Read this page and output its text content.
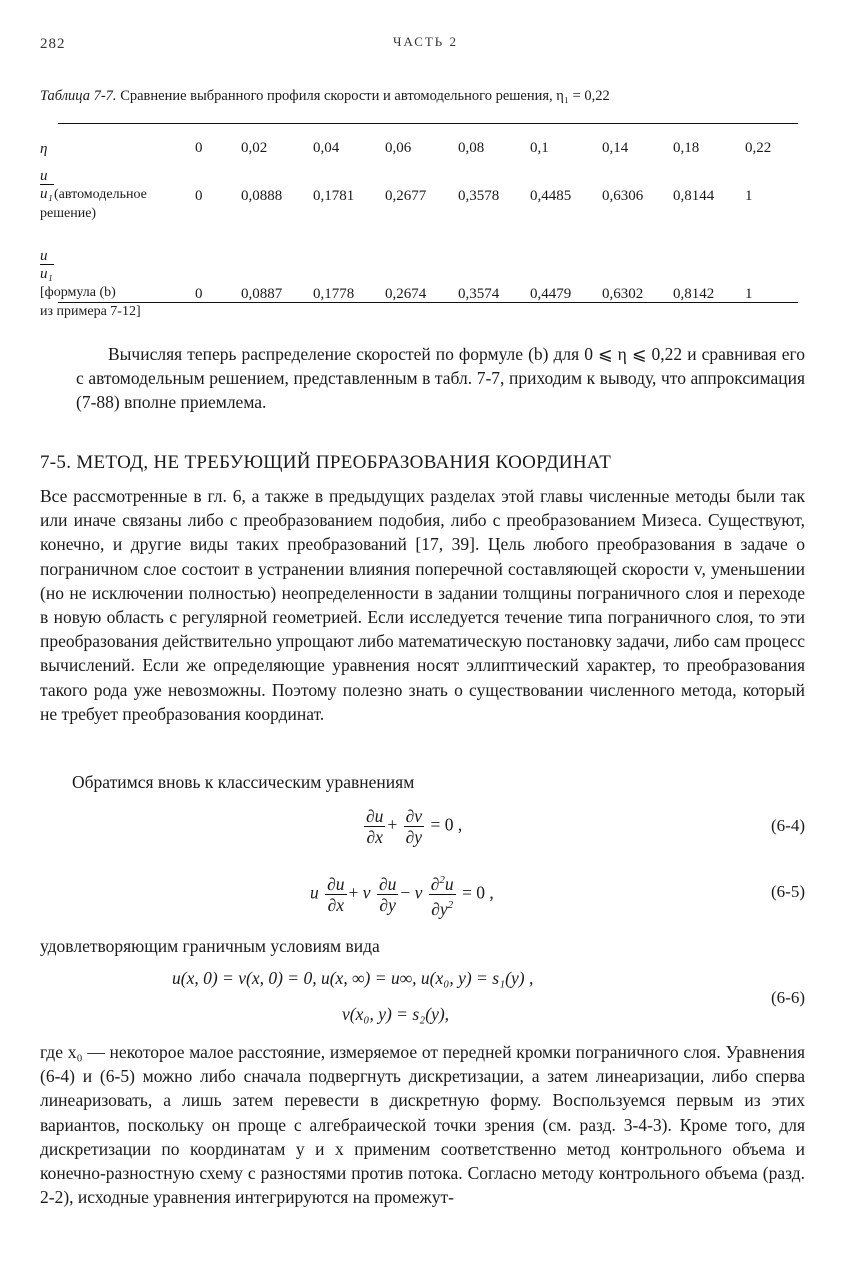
282	ЧАСТЬ 2
Таблица 7-7. Сравнение выбранного профиля скорости и автомодельного решения, η₁ = 0,22
η	0	0,02	0,04	0,06	0,08	0,1	0,14	0,18	0,22

$\frac{u}{\text{u₁}}(автомодельное$
решение)	0	0,0888	0,1781	0,2677	0,3578	0,4485	0,6306	0,8144	1

$\frac{u}{\text{u₁}}$
[формула (b)
из примера 7-12]	0	0,0887	0,1778	0,2674	0,3574	0,4479	0,6302	0,8142	1
Вычисляя теперь распределение скоростей по формуле (b) для 0 ⩽ η ⩽ 0,22 и сравнивая его с автомодельным решением, представленным в табл. 7-7, приходим к выводу, что аппроксимация (7-88) вполне приемлема.
7-5. МЕТОД, НЕ ТРЕБУЮЩИЙ ПРЕОБРАЗОВАНИЯ КООРДИНАТ
Все рассмотренные в гл. 6, а также в предыдущих разделах этой главы численные методы были так или иначе связаны либо с преобразованием подобия, либо с преобразованием Мизеса. Существуют, конечно, и другие виды таких преобразований [17, 39]. Цель любого преобразования в задаче о пограничном слое состоит в устранении влияния поперечной составляющей скорости v, уменьшении (но не исключении полностью) неопределенности в задании толщины пограничного слоя и переходе в новую область с регулярной геометрией. Если исследуется течение типа пограничного слоя, то эти преобразования действительно упрощают либо математическую постановку задачи, либо сам процесс вычислений. Если же определяющие уравнения носят эллиптический характер, то преобразования такого рода уже невозможны. Поэтому полезно знать о существовании численного метода, который не требует преобразования координат.
Обратимся вновь к классическим уравнениям
$\frac{\partial u}{\partial x} + \frac{\partial v}{\partial y} = 0$ ,	(6-4)
u $\frac{\partial u}{\partial x} + v \frac{\partial u}{\partial y} - \nu \frac{\partial^2u}{\partial y^2} = 0$ ,	(6-5)
удовлетворяющим граничным условиям вида
u(x, 0) = v(x, 0) = 0, u(x, ∞) = u∞, u(x₀, y) = s₁(y) ,
v(x₀, y) = s₂(y),
(6-6)
где x₀ — некоторое малое расстояние, измеряемое от передней кромки пограничного слоя. Уравнения (6-4) и (6-5) можно либо сначала подвергнуть дискретизации, а затем линеаризации, либо сперва линеаризовать, а лишь затем перевести в дискретную форму. Воспользуемся первым из этих вариантов, поскольку он проще с алгебраической точки зрения (см. разд. 3-4-3). Кроме того, для дискретизации по координатам y и x применим соответственно метод контрольного объема и конечно-разностную схему с разностями против потока. Согласно методу контрольного объема (разд. 2-2), исходные уравнения интегрируются на промежут-
